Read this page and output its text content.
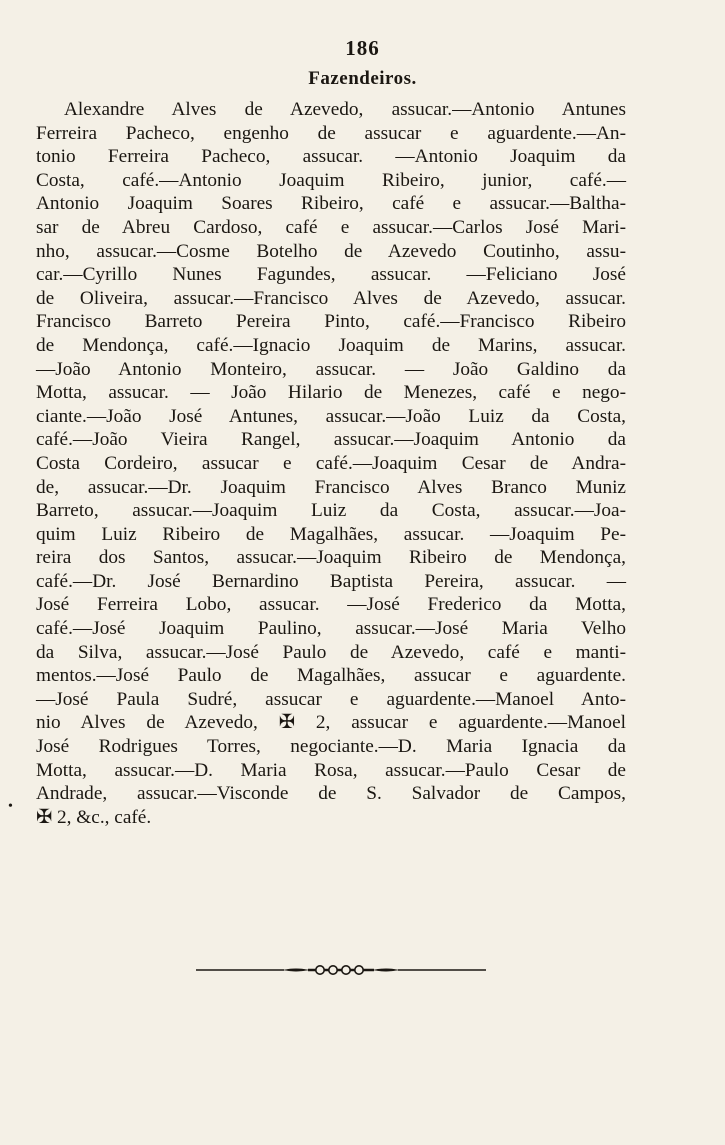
186
Fazendeiros.
Alexandre Alves de Azevedo, assucar.—Antonio Antunes
Ferreira Pacheco, engenho de assucar e aguardente.—An-
tonio Ferreira Pacheco, assucar. —Antonio Joaquim da
Costa, café.—Antonio Joaquim Ribeiro, junior, café.—
Antonio Joaquim Soares Ribeiro, café e assucar.—Baltha-
sar de Abreu Cardoso, café e assucar.—Carlos José Mari-
nho, assucar.—Cosme Botelho de Azevedo Coutinho, assu-
car.—Cyrillo Nunes Fagundes, assucar. —Feliciano José
de Oliveira, assucar.—Francisco Alves de Azevedo, assucar.
Francisco Barreto Pereira Pinto, café.—Francisco Ribeiro
de Mendonça, café.—Ignacio Joaquim de Marins, assucar.
—João Antonio Monteiro, assucar. — João Galdino da
Motta, assucar. — João Hilario de Menezes, café e nego-
ciante.—João José Antunes, assucar.—João Luiz da Costa,
café.—João Vieira Rangel, assucar.—Joaquim Antonio da
Costa Cordeiro, assucar e café.—Joaquim Cesar de Andra-
de, assucar.—Dr. Joaquim Francisco Alves Branco Muniz
Barreto, assucar.—Joaquim Luiz da Costa, assucar.—Joa-
quim Luiz Ribeiro de Magalhães, assucar. —Joaquim Pe-
reira dos Santos, assucar.—Joaquim Ribeiro de Mendonça,
café.—Dr. José Bernardino Baptista Pereira, assucar. —
José Ferreira Lobo, assucar. —José Frederico da Motta,
café.—José Joaquim Paulino, assucar.—José Maria Velho
da Silva, assucar.—José Paulo de Azevedo, café e manti-
mentos.—José Paulo de Magalhães, assucar e aguardente.
—José Paula Sudré, assucar e aguardente.—Manoel Anto-
nio Alves de Azevedo, ✠ 2, assucar e aguardente.—Manoel
José Rodrigues Torres, negociante.—D. Maria Ignacia da
Motta, assucar.—D. Maria Rosa, assucar.—Paulo Cesar de
Andrade, assucar.—Visconde de S. Salvador de Campos,
✠ 2, &c., café.
•
